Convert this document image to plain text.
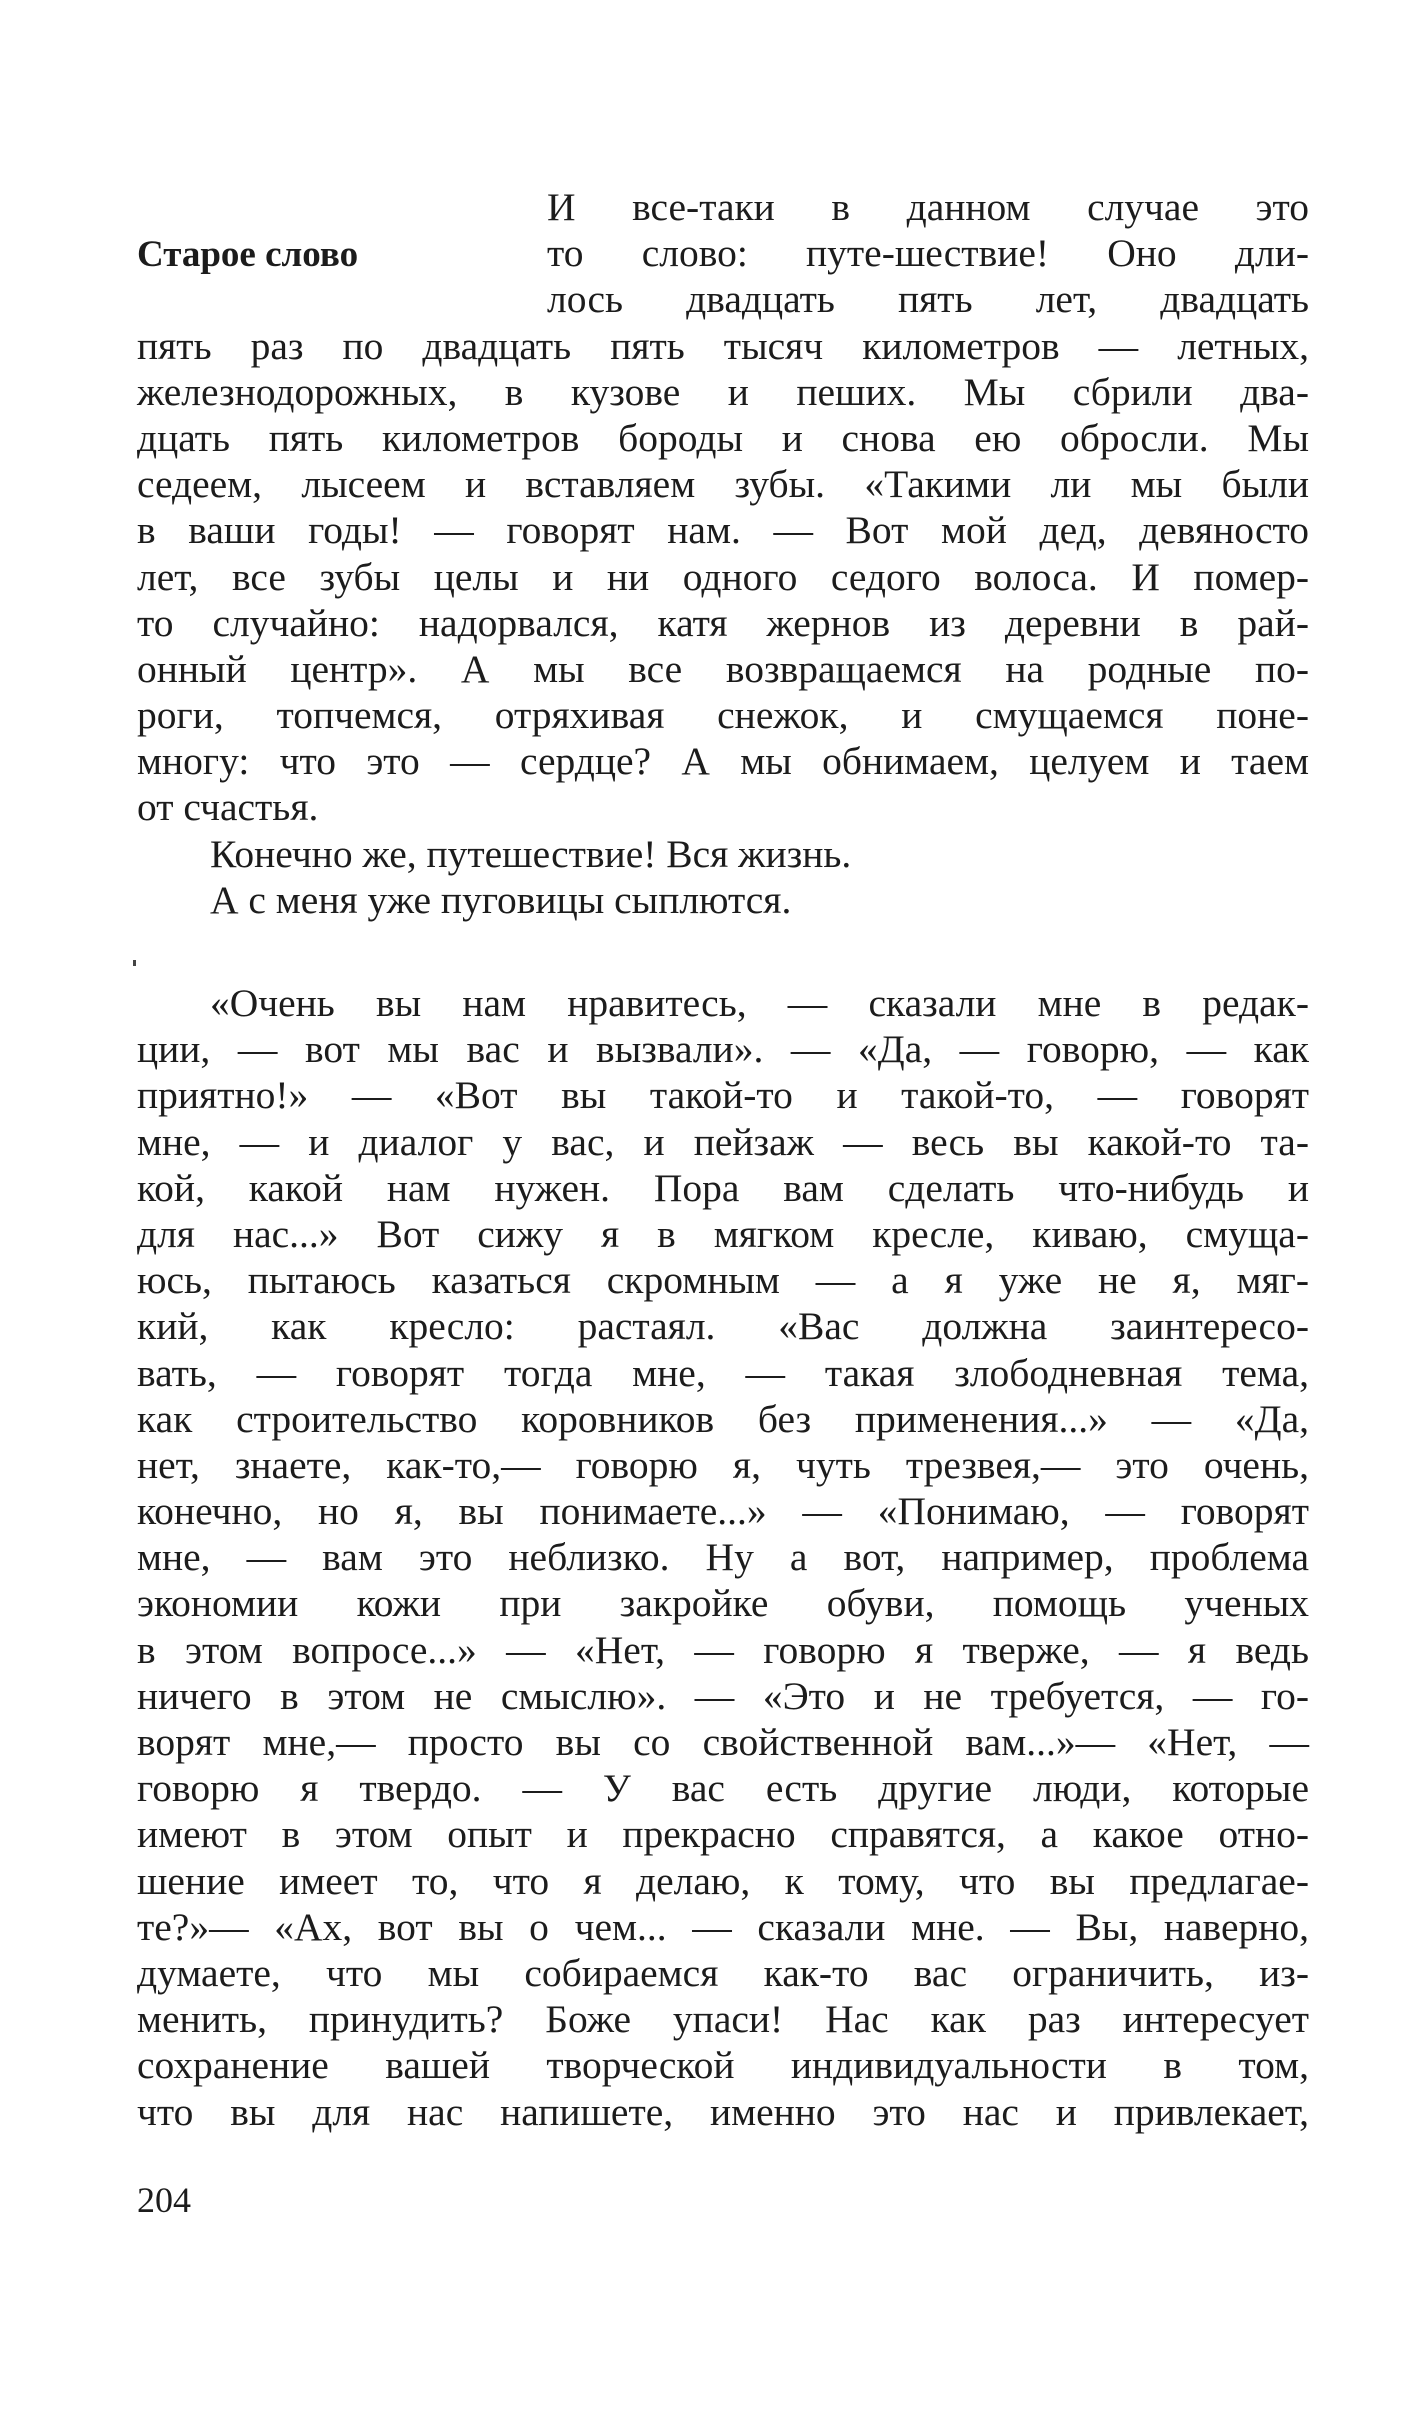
Старое слово
И все-таки в данном случае это
то слово: путе-шествие! Оно дли-
лось двадцать пять лет, двадцать
пять раз по двадцать пять тысяч километров — летных,
железнодорожных, в кузове и пеших. Мы сбрили два-
дцать пять километров бороды и снова ею обросли. Мы
седеем, лысеем и вставляем зубы. «Такими ли мы были
в ваши годы! — говорят нам. — Вот мой дед, девяносто
лет, все зубы целы и ни одного седого волоса. И помер-
то случайно: надорвался, катя жернов из деревни в рай-
онный центр». А мы все возвращаемся на родные по-
роги, топчемся, отряхивая снежок, и смущаемся поне-
многу: что это — сердце? А мы обнимаем, целуем и таем
от счастья.
Конечно же, путешествие! Вся жизнь.
А с меня уже пуговицы сыплются.
«Очень вы нам нравитесь, — сказали мне в редак-
ции, — вот мы вас и вызвали». — «Да, — говорю, — как
приятно!» — «Вот вы такой-то и такой-то, — говорят
мне, — и диалог у вас, и пейзаж — весь вы какой-то та-
кой, какой нам нужен. Пора вам сделать что-нибудь и
для нас...» Вот сижу я в мягком кресле, киваю, смуща-
юсь, пытаюсь казаться скромным — а я уже не я, мяг-
кий, как кресло: растаял. «Вас должна заинтересо-
вать, — говорят тогда мне, — такая злободневная тема,
как строительство коровников без применения...» — «Да,
нет, знаете, как-то,— говорю я, чуть трезвея,— это очень,
конечно, но я, вы понимаете...» — «Понимаю, — говорят
мне, — вам это неблизко. Ну а вот, например, проблема
экономии кожи при закройке обуви, помощь ученых
в этом вопросе...» — «Нет, — говорю я тверже, — я ведь
ничего в этом не смыслю». — «Это и не требуется, — го-
ворят мне,— просто вы со свойственной вам...»— «Нет, —
говорю я твердо. — У вас есть другие люди, которые
имеют в этом опыт и прекрасно справятся, а какое отно-
шение имеет то, что я делаю, к тому, что вы предлагае-
те?»— «Ах, вот вы о чем... — сказали мне. — Вы, наверно,
думаете, что мы собираемся как-то вас ограничить, из-
менить, принудить? Боже упаси! Нас как раз интересует
сохранение вашей творческой индивидуальности в том,
что вы для нас напишете, именно это нас и привлекает,
204
